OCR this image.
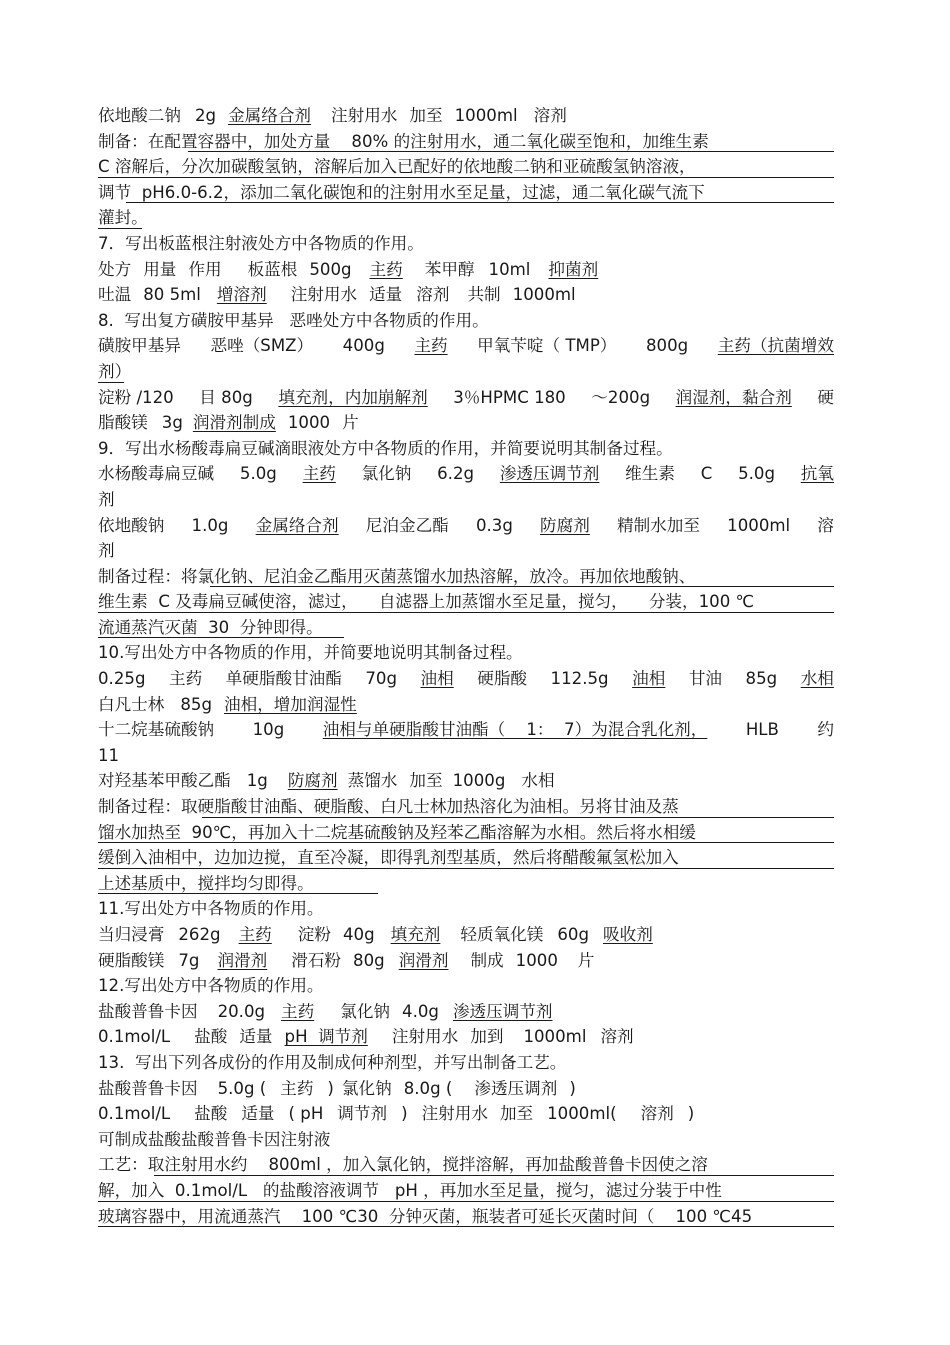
依地酸二钠 2g 金属络合剂 注射用水 加至 1000ml 溶剂
制备：在配置容器中，加处方量    80% 的注射用水，通二氧化碳至饱和，加维生素
C 溶解后，分次加碳酸氢钠，溶解后加入已配好的依地酸二钠和亚硫酸氢钠溶液，
调节  pH6.0-6.2，添加二氧化碳饱和的注射用水至足量，过滤，通二氧化碳气流下
灌封。
7．写出板蓝根注射液处方中各物质的作用。
处方 用量 作用 板蓝根 500g 主药 苯甲醇 10ml 抑菌剂
吐温 80 5ml 增溶剂 注射用水 适量 溶剂 共制 1000ml
8.  写出复方磺胺甲基异   恶唑处方中各物质的作用。
磺胺甲基异 恶唑（SMZ） 400g 主药 甲氧苄啶（ TMP） 800g 主药（抗菌增效
剂）
淀粉 /120 目 80g 填充剂，内加崩解剂 3％HPMC 180 ～200g 润湿剂，黏合剂 硬
脂酸镁 3g 润滑剂制成 1000 片
9．写出水杨酸毒扁豆碱滴眼液处方中各物质的作用，并简要说明其制备过程。
水杨酸毒扁豆碱 5.0g 主药 氯化钠 6.2g 渗透压调节剂 维生素 C 5.0g 抗氧
剂
依地酸钠 1.0g 金属络合剂 尼泊金乙酯 0.3g 防腐剂 精制水加至 1000ml 溶
剂
制备过程：将氯化钠、尼泊金乙酯用灭菌蒸馏水加热溶解，放冷。再加依地酸钠、
维生素  C 及毒扁豆碱使溶，滤过，    自滤器上加蒸馏水至足量，搅匀，    分装，100 ℃
流通蒸汽灭菌  30  分钟即得。
10.写出处方中各物质的作用，并简要地说明其制备过程。
0.25g 主药 单硬脂酸甘油酯 70g 油相 硬脂酸 112.5g 油相 甘油 85g 水相
白凡士林 85g 油相，增加润湿性
十二烷基硫酸钠 10g 油相与单硬脂酸甘油酯（    1：  7）为混合乳化剂， HLB 约
11
对羟基苯甲酸乙酯 1g 防腐剂 蒸馏水 加至 1000g 水相
制备过程：取硬脂酸甘油酯、硬脂酸、白凡士林加热溶化为油相。另将甘油及蒸
馏水加热至  90℃，再加入十二烷基硫酸钠及羟苯乙酯溶解为水相。然后将水相缓
缓倒入油相中，边加边搅，直至冷凝，即得乳剂型基质，然后将醋酸氟氢松加入
上述基质中，搅拌均匀即得。
11.写出处方中各物质的作用。
当归浸膏 262g 主药 淀粉 40g 填充剂 轻质氧化镁 60g 吸收剂
硬脂酸镁 7g 润滑剂 滑石粉 80g 润滑剂 制成 1000 片
12.写出处方中各物质的作用。
盐酸普鲁卡因 20.0g 主药 氯化钠 4.0g 渗透压调节剂
0.1mol/L 盐酸 适量 pH  调节剂 注射用水 加到 1000ml 溶剂
13.  写出下列各成份的作用及制成何种剂型，并写出制备工艺。
盐酸普鲁卡因 5.0g ( 主药 ) 氯化钠 8.0g ( 渗透压调剂 )
0.1mol/L 盐酸 适量 ( pH 调节剂 ) 注射用水 加至 1000ml( 溶剂 )
可制成盐酸盐酸普鲁卡因注射液
工艺：取注射用水约    800ml ，加入氯化钠，搅拌溶解，再加盐酸普鲁卡因使之溶
解，加入  0.1mol/L   的盐酸溶液调节   pH ，再加水至足量，搅匀，滤过分装于中性
玻璃容器中，用流通蒸汽    100 ℃30  分钟灭菌，瓶装者可延长灭菌时间（    100 ℃45
